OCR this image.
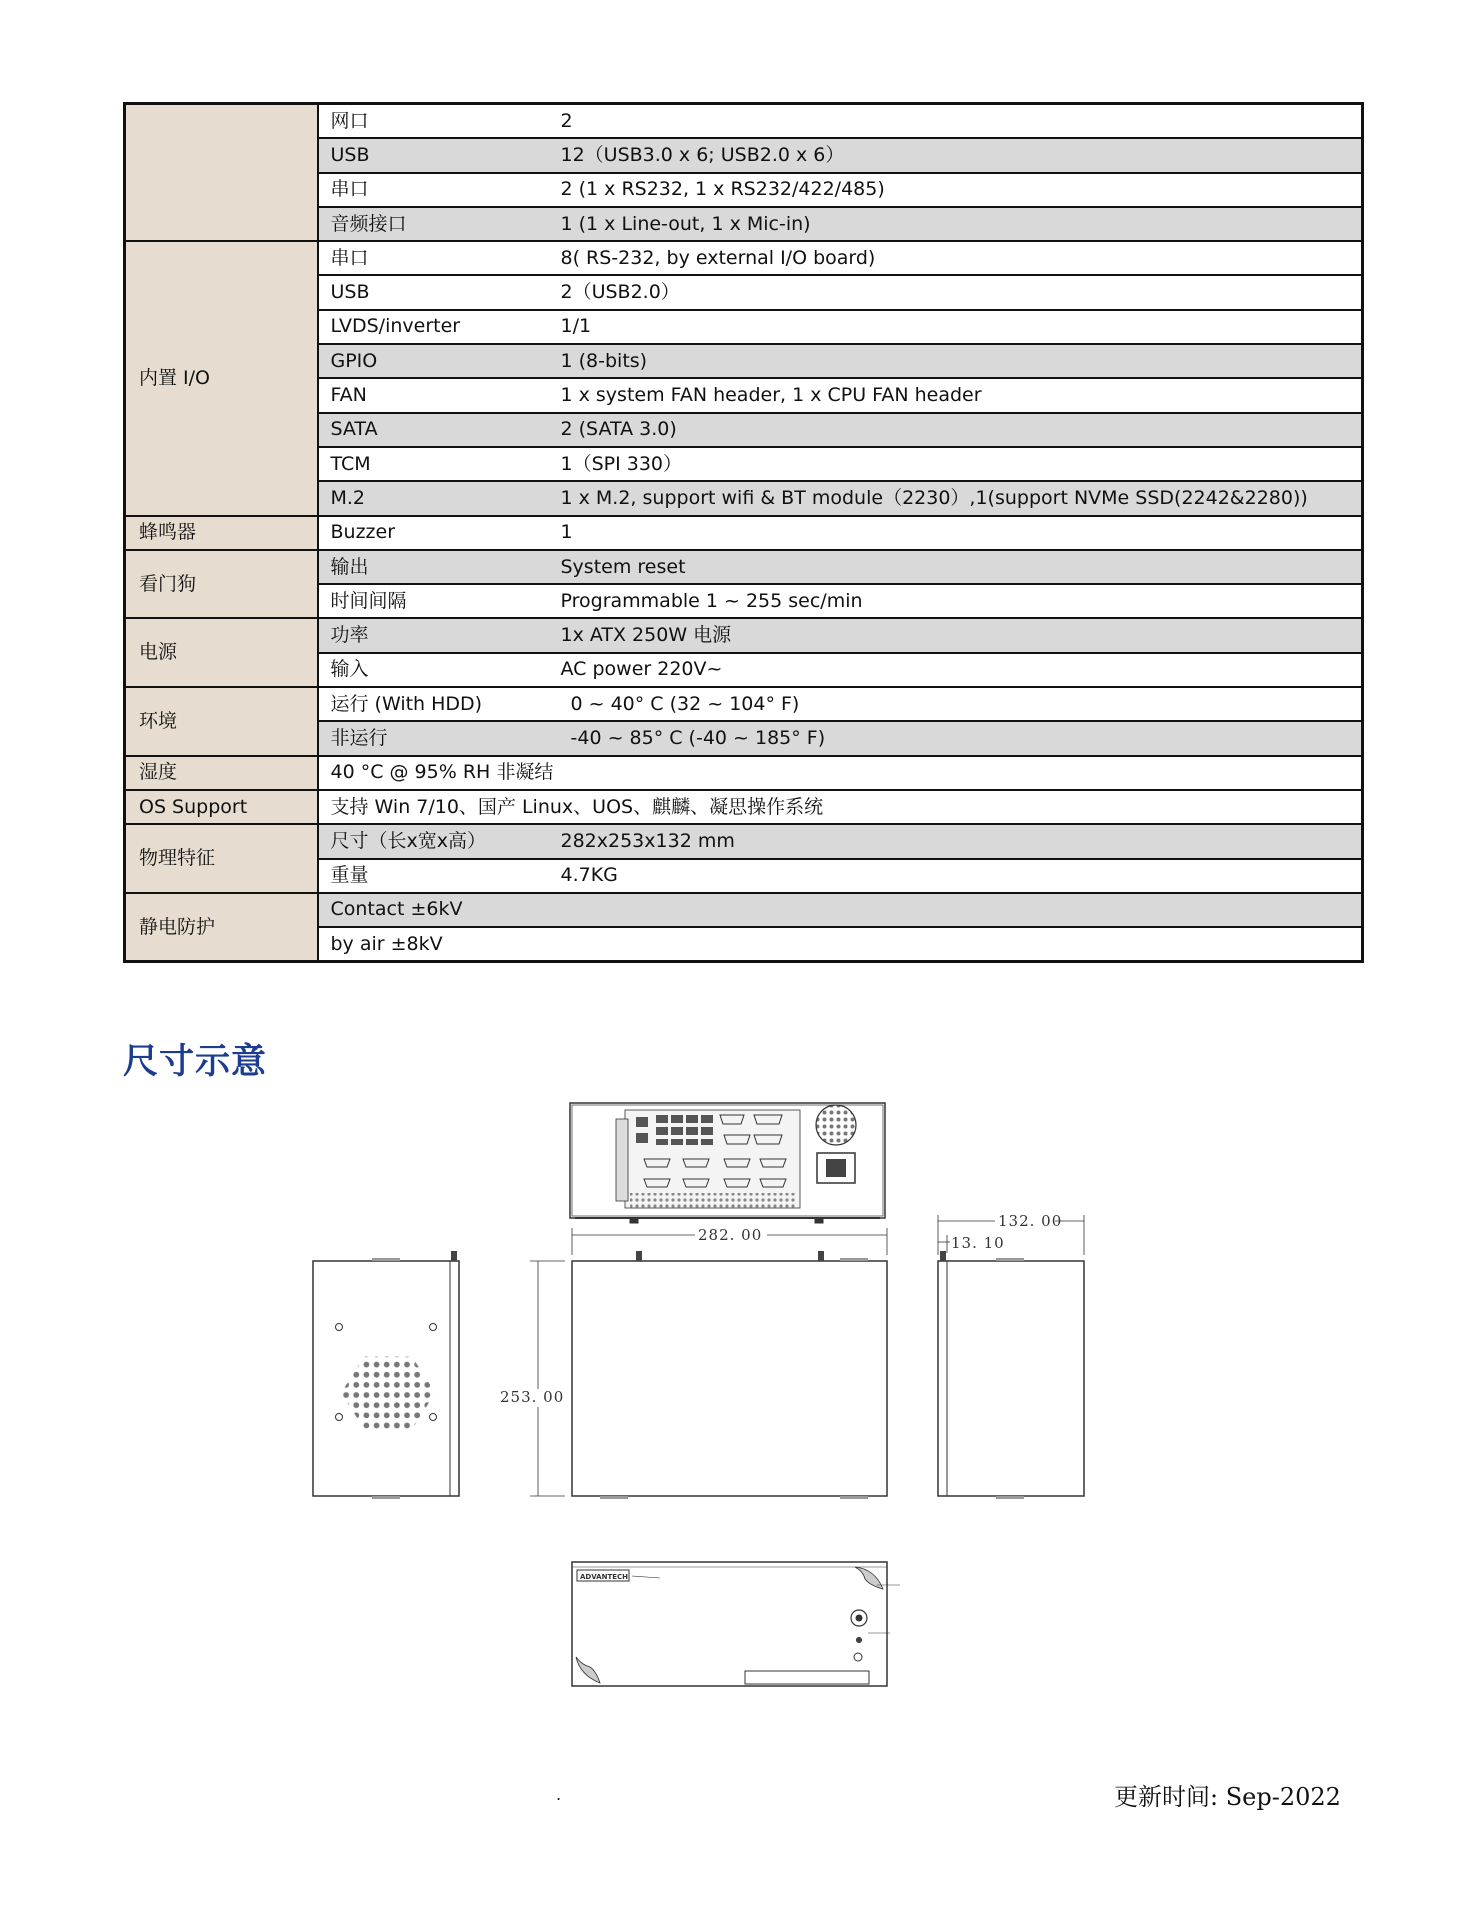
	网口	2
	USB	12（USB3.0 x 6; USB2.0 x 6）
	串口	2 (1 x RS232, 1 x RS232/422/485)
	音频接口	1 (1 x Line-out, 1 x Mic-in)
内置 I/O	串口	8( RS-232, by external I/O board)
	USB	2（USB2.0）
	LVDS/inverter	1/1
	GPIO	1 (8-bits)
	FAN	1 x system FAN header, 1 x CPU FAN header
	SATA	2 (SATA 3.0)
	TCM	1（SPI 330）
	M.2	1 x M.2, support wifi & BT module（2230）,1(support NVMe SSD(2242&2280))
蜂鸣器	Buzzer	1
看门狗	输出	System reset
	时间间隔	Programmable 1 ~ 255 sec/min
电源	功率	1x ATX 250W 电源
	输入	AC power 220V~
环境	运行 (With HDD)	0 ~ 40° C (32 ~ 104° F)
	非运行	-40 ~ 85° C (-40 ~ 185° F)
湿度	40 °C @ 95% RH 非凝结	
OS Support	支持 Win 7/10、国产 Linux、UOS、麒麟、凝思操作系统	
物理特征	尺寸（长x宽x高）	282x253x132 mm
	重量	4.7KG
静电防护	Contact ±6kV	
	by air ±8kV	
尺寸示意
282. 00
253. 00
132. 00
13. 10
ADVANTECH
.	更新时间: Sep-2022
